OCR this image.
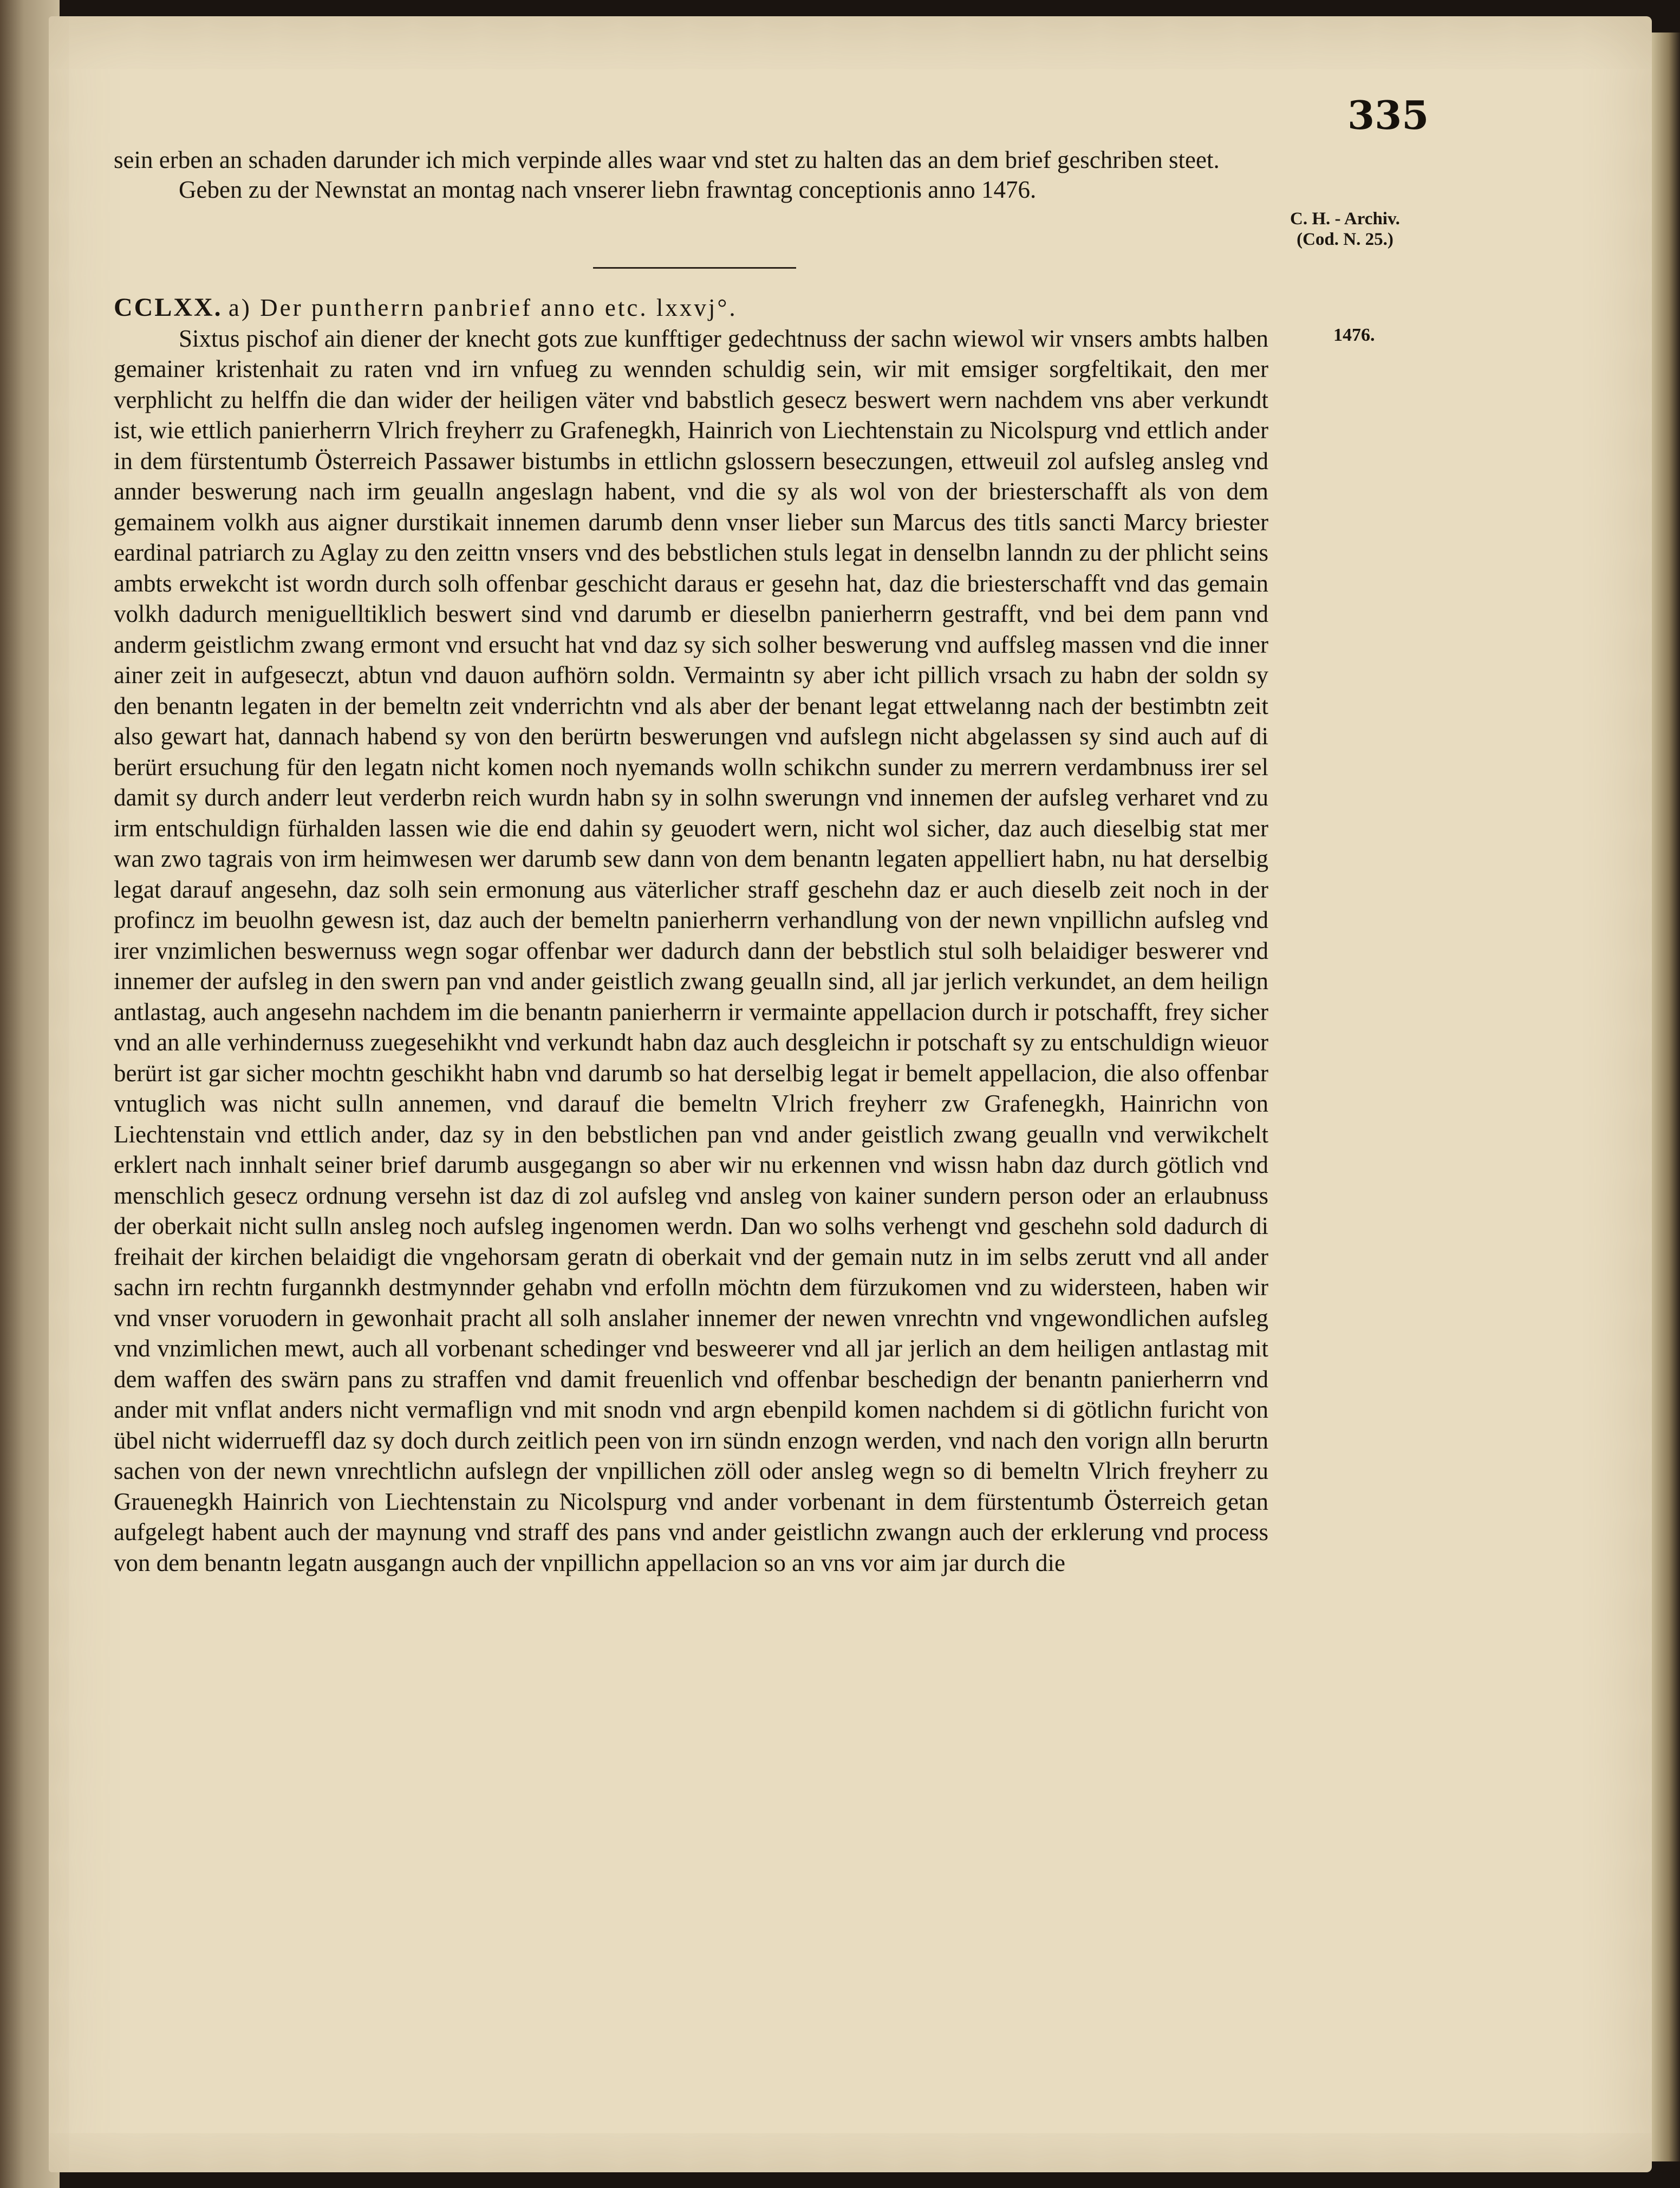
335

sein erben an schaden darunder ich mich verpinde alles waar vnd stet zu halten das an dem brief geschriben steet.

Geben zu der Newnstat an montag nach vnserer liebn frawntag conceptionis anno 1476.

C. H. - Archiv.
(Cod. N. 25.)
1476.

CCLXX. a) Der puntherrn panbrief anno etc. lxxvj°.

Sixtus pischof ain diener der knecht gots zue kunfftiger gedechtnuss der sachn wiewol wir vnsers ambts halben gemainer kristenhait zu raten vnd irn vnfueg zu wennden schuldig sein, wir mit emsiger sorgfeltikait, den mer verphlicht zu helffn die dan wider der heiligen väter vnd babstlich gesecz beswert wern nachdem vns aber verkundt ist, wie ettlich panierherrn Vlrich freyherr zu Grafenegkh, Hainrich von Liechtenstain zu Nicolspurg vnd ettlich ander in dem fürstentumb Österreich Passawer bistumbs in ettlichn gslossern beseczungen, ettweuil zol aufsleg ansleg vnd annder beswerung nach irm geualln angeslagn habent, vnd die sy als wol von der briesterschafft als von dem gemainem volkh aus aigner durstikait innemen darumb denn vnser lieber sun Marcus des titls sancti Marcy briester eardinal patriarch zu Aglay zu den zeittn vnsers vnd des bebstlichen stuls legat in denselbn lanndn zu der phlicht seins ambts erwekcht ist wordn durch solh offenbar geschicht daraus er gesehn hat, daz die briesterschafft vnd das gemain volkh dadurch meniguelltiklich beswert sind vnd darumb er dieselbn panierherrn gestrafft, vnd bei dem pann vnd anderm geistlichm zwang ermont vnd ersucht hat vnd daz sy sich solher beswerung vnd auffsleg massen vnd die inner ainer zeit in aufgeseczt, abtun vnd dauon aufhörn soldn. Vermaintn sy aber icht pillich vrsach zu habn der soldn sy den benantn legaten in der bemeltn zeit vnderrichtn vnd als aber der benant legat ettwelanng nach der bestimbtn zeit also gewart hat, dannach habend sy von den berürtn beswerungen vnd aufslegn nicht abgelassen sy sind auch auf di berürt ersuchung für den legatn nicht komen noch nyemands wolln schikchn sunder zu merrern verdambnuss irer sel damit sy durch anderr leut verderbn reich wurdn habn sy in solhn swerungn vnd innemen der aufsleg verharet vnd zu irm entschuldign fürhalden lassen wie die end dahin sy geuodert wern, nicht wol sicher, daz auch dieselbig stat mer wan zwo tagrais von irm heimwesen wer darumb sew dann von dem benantn legaten appelliert habn, nu hat derselbig legat darauf angesehn, daz solh sein ermonung aus väterlicher straff geschehn daz er auch dieselb zeit noch in der profincz im beuolhn gewesn ist, daz auch der bemeltn panierherrn verhandlung von der newn vnpillichn aufsleg vnd irer vnzimlichen beswernuss wegn sogar offenbar wer dadurch dann der bebstlich stul solh belaidiger beswerer vnd innemer der aufsleg in den swern pan vnd ander geistlich zwang geualln sind, all jar jerlich verkundet, an dem heilign antlastag, auch angesehn nachdem im die benantn panierherrn ir vermainte appellacion durch ir potschafft, frey sicher vnd an alle verhindernuss zuegesehikht vnd verkundt habn daz auch desgleichn ir potschaft sy zu entschuldign wieuor berürt ist gar sicher mochtn geschikht habn vnd darumb so hat derselbig legat ir bemelt appellacion, die also offenbar vntuglich was nicht sulln annemen, vnd darauf die bemeltn Vlrich freyherr zw Grafenegkh, Hainrichn von Liechtenstain vnd ettlich ander, daz sy in den bebstlichen pan vnd ander geistlich zwang geualln vnd verwikchelt erklert nach innhalt seiner brief darumb ausgegangn so aber wir nu erkennen vnd wissn habn daz durch götlich vnd menschlich gesecz ordnung versehn ist daz di zol aufsleg vnd ansleg von kainer sundern person oder an erlaubnuss der oberkait nicht sulln ansleg noch aufsleg ingenomen werdn. Dan wo solhs verhengt vnd geschehn sold dadurch di freihait der kirchen belaidigt die vngehorsam geratn di oberkait vnd der gemain nutz in im selbs zerutt vnd all ander sachn irn rechtn furgannkh destmynnder gehabn vnd erfolln möchtn dem fürzukomen vnd zu widersteen, haben wir vnd vnser voruodern in gewonhait pracht all solh anslaher innemer der newen vnrechtn vnd vngewondlichen aufsleg vnd vnzimlichen mewt, auch all vorbenant schedinger vnd besweerer vnd all jar jerlich an dem heiligen antlastag mit dem waffen des swärn pans zu straffen vnd damit freuenlich vnd offenbar beschedign der benantn panierherrn vnd ander mit vnflat anders nicht vermaflign vnd mit snodn vnd argn ebenpild komen nachdem si di götlichn furicht von übel nicht widerrueffl daz sy doch durch zeitlich peen von irn sündn enzogn werden, vnd nach den vorign alln berurtn sachen von der newn vnrechtlichn aufslegn der vnpillichen zöll oder ansleg wegn so di bemeltn Vlrich freyherr zu Grauenegkh Hainrich von Liechtenstain zu Nicolspurg vnd ander vorbenant in dem fürstentumb Österreich getan aufgelegt habent auch der maynung vnd straff des pans vnd ander geistlichn zwangn auch der erklerung vnd process von dem benantn legatn ausgangn auch der vnpillichn appellacion so an vns vor aim jar durch die
